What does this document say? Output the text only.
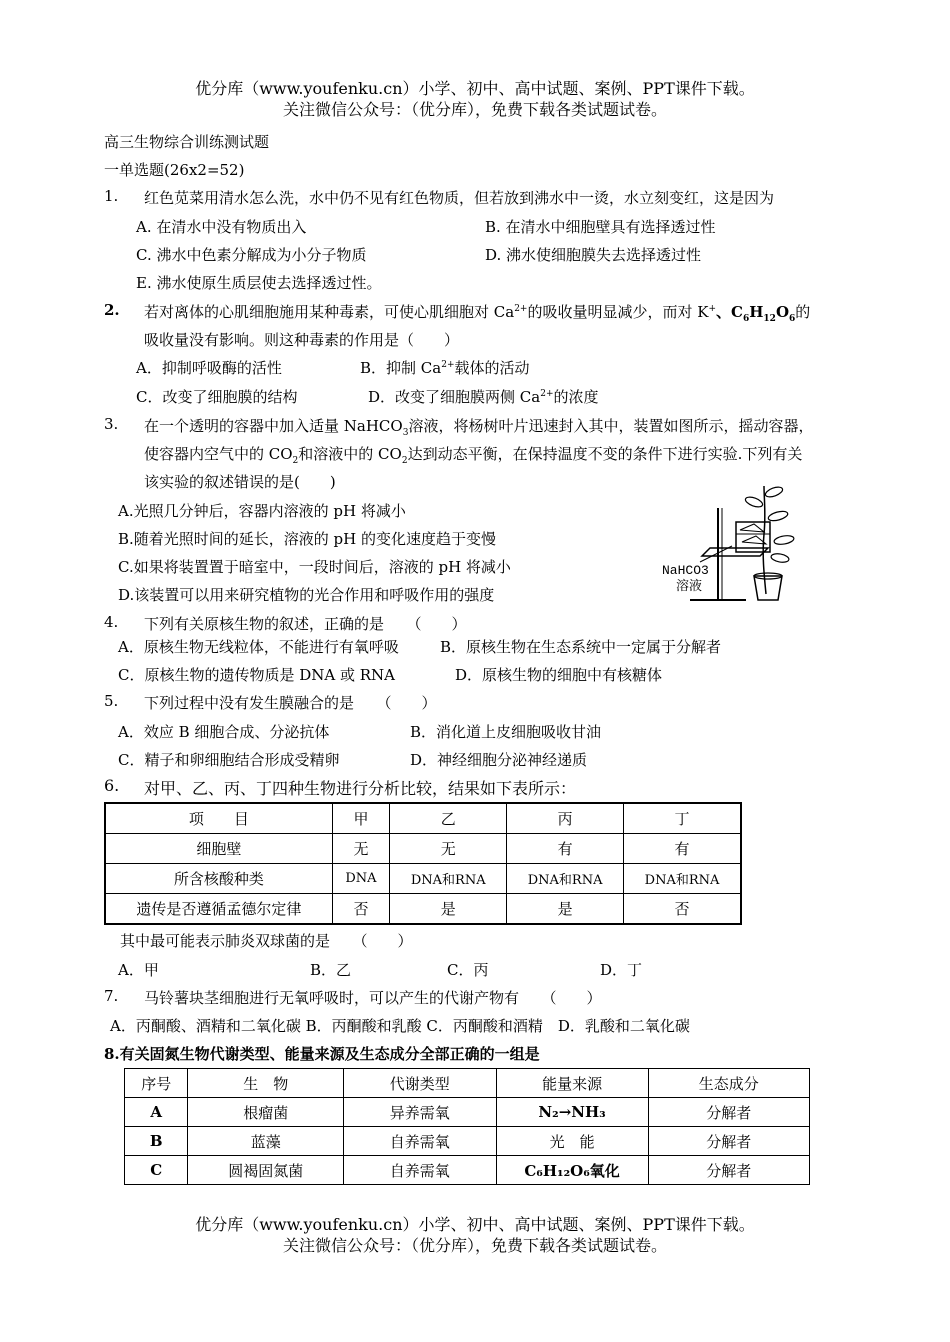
优分库（www.youfenku.cn）小学、初中、高中试题、案例、PPT课件下载。
关注微信公众号：（优分库），免费下载各类试题试卷。
高三生物综合训练测试题
一单选题(26x2=52)
1. 红色苋菜用清水怎么洗，水中仍不见有红色物质，但若放到沸水中一烫，水立刻变红，这是因为
A. 在清水中没有物质出入	B. 在清水中细胞壁具有选择透过性
C. 沸水中色素分解成为小分子物质	D. 沸水使细胞膜失去选择透过性
E. 沸水使原生质层使去选择透过性。
2. 若对离体的心肌细胞施用某种毒素，可使心肌细胞对 $Ca^{2+}$的吸收量明显减少，而对 K+、$C_6H_{12}O_6$的
吸收量没有影响。则这种毒素的作用是（　　）
A．抑制呼吸酶的活性	B．抑制 $Ca^{2+}$载体的活动
C．改变了细胞膜的结构	D．改变了细胞膜两侧 $Ca^{2+}$的浓度
3. 在一个透明的容器中加入适量 NaHCO$_3$溶液，将杨树叶片迅速封入其中，装置如图所示，摇动容器，
使容器内空气中的 $CO_2$和溶液中的 $CO_2$达到动态平衡，在保持温度不变的条件下进行实验.下列有关
该实验的叙述错误的是(　　)
A.光照几分钟后，容器内溶液的 pH 将减小
B.随着光照时间的延长，溶液的 pH 的变化速度趋于变慢
C.如果将装置置于暗室中，一段时间后，溶液的 pH 将减小
D.该装置可以用来研究植物的光合作用和呼吸作用的强度
NaHCO3
溶液
4. 下列有关原核生物的叙述，正确的是　　（　　）
A．原核生物无线粒体，不能进行有氧呼吸	B．原核生物在生态系统中一定属于分解者
C．原核生物的遗传物质是 DNA 或 RNA	D．原核生物的细胞中有核糖体
5. 下列过程中没有发生膜融合的是　　（　　）
A．效应 B 细胞合成、分泌抗体	B．消化道上皮细胞吸收甘油
C．精子和卵细胞结合形成受精卵	D．神经细胞分泌神经递质
6. 对甲、乙、丙、丁四种生物进行分析比较，结果如下表所示：
项　　目	甲	乙	丙	丁
细胞壁	无	无	有	有
所含核酸种类	DNA	DNA和RNA	DNA和RNA	DNA和RNA
遗传是否遵循孟德尔定律	否	是	是	否
其中最可能表示肺炎双球菌的是　　（　　）
A．甲	B．乙	C．丙	D．丁
7. 马铃薯块茎细胞进行无氧呼吸时，可以产生的代谢产物有　　（　　）
A．丙酮酸、酒精和二氧化碳 B．丙酮酸和乳酸 C．丙酮酸和酒精　D．乳酸和二氧化碳
8.有关固氮生物代谢类型、能量来源及生态成分全部正确的一组是
序号	生　物	代谢类型	能量来源	生态成分
A	根瘤菌	异养需氧	N₂→NH₃	分解者
B	蓝藻	自养需氧	光　能	分解者
C	圆褐固氮菌	自养需氧	C₆H₁₂O₆氧化	分解者
优分库（www.youfenku.cn）小学、初中、高中试题、案例、PPT课件下载。
关注微信公众号：（优分库），免费下载各类试题试卷。
